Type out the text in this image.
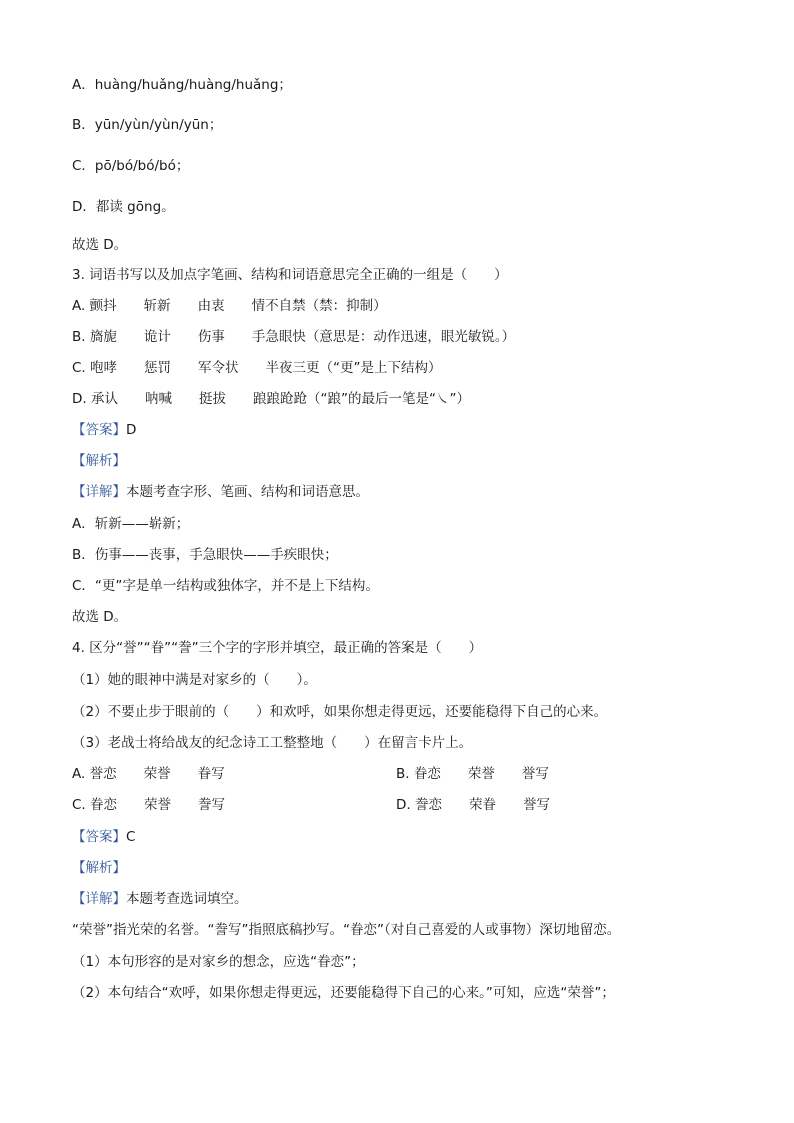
A．huàng/huǎng/huàng/huǎng；
B．yūn/yùn/yùn/yūn；
C．pō/bó/bó/bó；
D．都读 gōng。
故选 D。
3. 词语书写以及加点字笔画、结构和词语意思完全正确的一组是（　　）
A. 颤抖　　斩新　　由衷　　情不自禁（禁：抑制）
B. 旖旎　　诡计　　伤事　　手急眼快（意思是：动作迅速，眼光敏锐。）
C. 咆哮　　惩罚　　军令状　　半夜三更（“更”是上下结构）
D. 承认　　呐喊　　挺拔　　踉踉跄跄（“踉”的最后一笔是“㇏”）
【答案】D
【解析】
【详解】本题考查字形、笔画、结构和词语意思。
A．斩新——崭新；
B．伤事——丧事，手急眼快——手疾眼快；
C．“更”字是单一结构或独体字，并不是上下结构。
故选 D。
4. 区分“誉”“眷”“誊”三个字的字形并填空，最正确的答案是（　　）
（1）她的眼神中满是对家乡的（　　）。
（2）不要止步于眼前的（　　）和欢呼，如果你想走得更远，还要能稳得下自己的心来。
（3）老战士将给战友的纪念诗工工整整地（　　）在留言卡片上。
A. 誉恋　　荣誉　　眷写	B. 眷恋　　荣誉　　誉写
C. 眷恋　　荣誉　　誊写	D. 誊恋　　荣眷　　誉写
【答案】C
【解析】
【详解】本题考查选词填空。
“荣誉”指光荣的名誉。“誊写”指照底稿抄写。“眷恋”（对自己喜爱的人或事物）深切地留恋。
（1）本句形容的是对家乡的想念，应选“眷恋”；
（2）本句结合“欢呼，如果你想走得更远，还要能稳得下自己的心来。”可知，应选“荣誉”；
